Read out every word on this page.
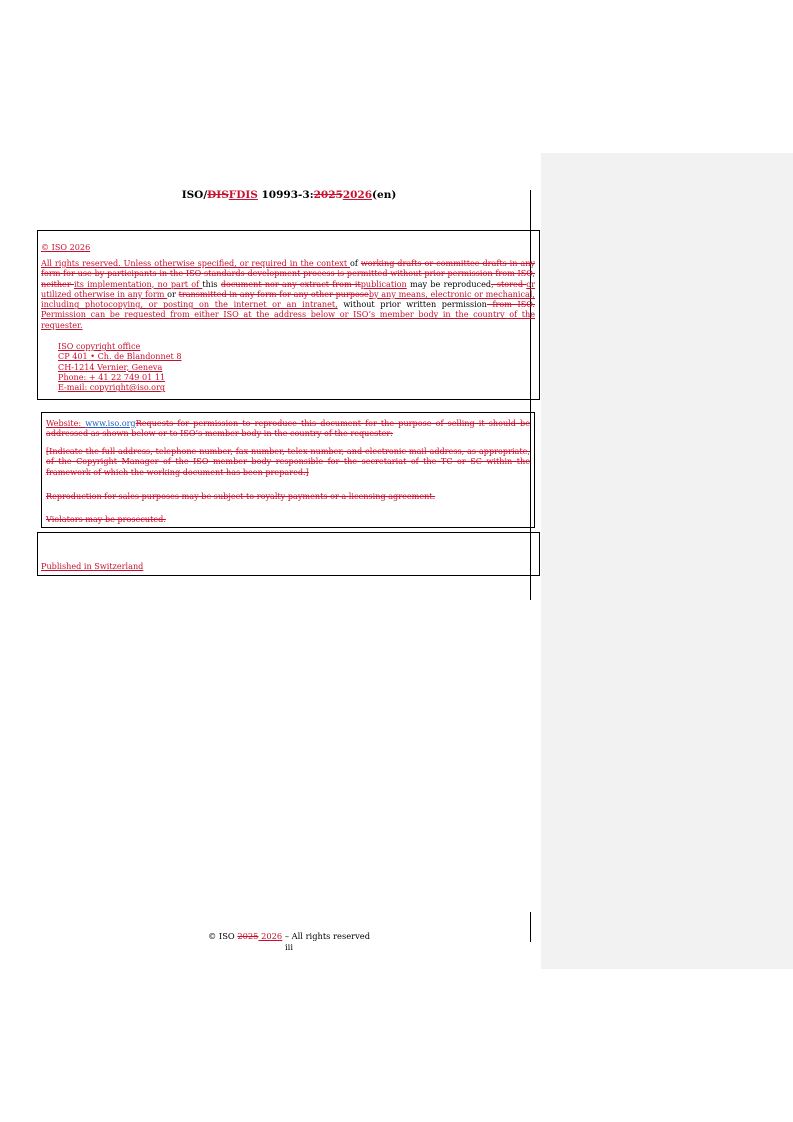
ISO/DISFDIS 10993-3:20252026(en)
© ISO 2026
All rights reserved. Unless otherwise specified, or required in the context of working drafts or committee drafts in any form for use by participants in the ISO standards development process is permitted without prior permission from ISO, neither its implementation, no part of this document nor any extract from itpublication may be reproduced, stored or utilized otherwise in any form or transmitted in any form for any other purposeby any means, electronic or mechanical, including photocopying, or posting on the internet or an intranet, without prior written permission from ISO. Permission can be requested from either ISO at the address below or ISO’s member body in the country of the requester.
ISO copyright office
CP 401 • Ch. de Blandonnet 8
CH-1214 Vernier, Geneva
Phone: + 41 22 749 01 11
E-mail: copyright@iso.org
Website: www.iso.orgRequests for permission to reproduce this document for the purpose of selling it should be addressed as shown below or to ISO’s member body in the country of the requester:
[Indicate the full address, telephone number, fax number, telex number, and electronic mail address, as appropriate, of the Copyright Manager of the ISO member body responsible for the secretariat of the TC or SC within the framework of which the working document has been prepared.]
Reproduction for sales purposes may be subject to royalty payments or a licensing agreement.
Violators may be prosecuted.
Published in Switzerland
© ISO 2025 2026 – All rights reserved
iii
